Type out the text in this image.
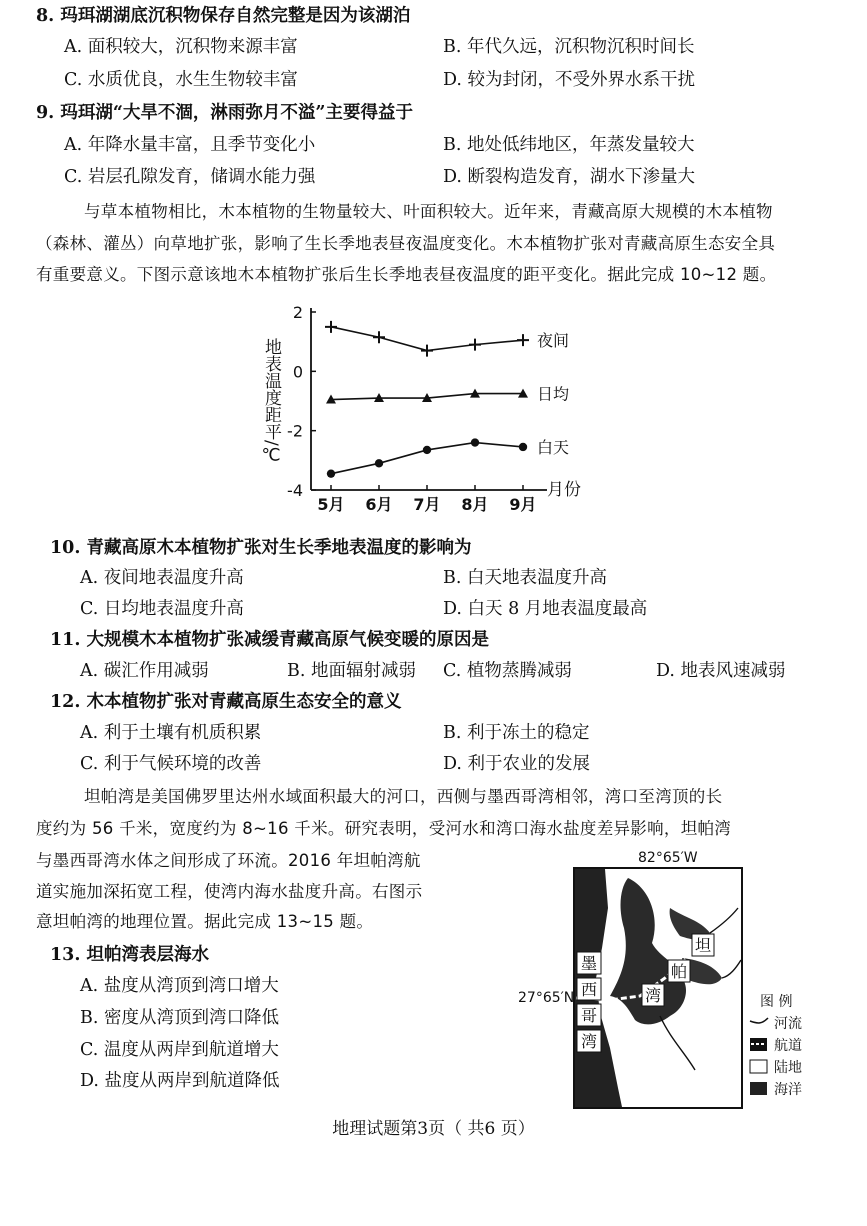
8. 玛珥湖湖底沉积物保存自然完整是因为该湖泊
A. 面积较大，沉积物来源丰富	B. 年代久远，沉积物沉积时间长
C. 水质优良，水生生物较丰富	D. 较为封闭，不受外界水系干扰
9. 玛珥湖“大旱不涸，淋雨弥月不溢”主要得益于
A. 年降水量丰富，且季节变化小	B. 地处低纬地区，年蒸发量较大
C. 岩层孔隙发育，储调水能力强	D. 断裂构造发育，湖水下渗量大
与草本植物相比，木本植物的生物量较大、叶面积较大。近年来，青藏高原大规模的木本植物
（森林、灌丛）向草地扩张，影响了生长季地表昼夜温度变化。木本植物扩张对青藏高原生态安全具
有重要意义。下图示意该地木本植物扩张后生长季地表昼夜温度的距平变化。据此完成 10~12 题。
地表温度距平/℃
2
0
-2
-4
5月 6月 7月 8月 9月
夜间
日均
白天
月份
10. 青藏高原木本植物扩张对生长季地表温度的影响为
A. 夜间地表温度升高	B. 白天地表温度升高
C. 日均地表温度升高	D. 白天 8 月地表温度最高
11. 大规模木本植物扩张减缓青藏高原气候变暖的原因是
A. 碳汇作用减弱	B. 地面辐射减弱 C. 植物蒸腾减弱	D. 地表风速减弱
12. 木本植物扩张对青藏高原生态安全的意义
A. 利于土壤有机质积累	B. 利于冻土的稳定
C. 利于气候环境的改善	D. 利于农业的发展
坦帕湾是美国佛罗里达州水域面积最大的河口，西侧与墨西哥湾相邻，湾口至湾顶的长
度约为 56 千米，宽度约为 8~16 千米。研究表明，受河水和湾口海水盐度差异影响，坦帕湾
与墨西哥湾水体之间形成了环流。2016 年坦帕湾航
道实施加深拓宽工程，使湾内海水盐度升高。右图示
意坦帕湾的地理位置。据此完成 13~15 题。
13. 坦帕湾表层海水
A. 盐度从湾顶到湾口增大
B. 密度从湾顶到湾口降低
C. 温度从两岸到航道增大
D. 盐度从两岸到航道降低
82°65′W
27°65′N
墨
西
哥
湾
坦
帕
湾	图 例
河流
航道
陆地
海洋
地理试题第3页（ 共6 页）
